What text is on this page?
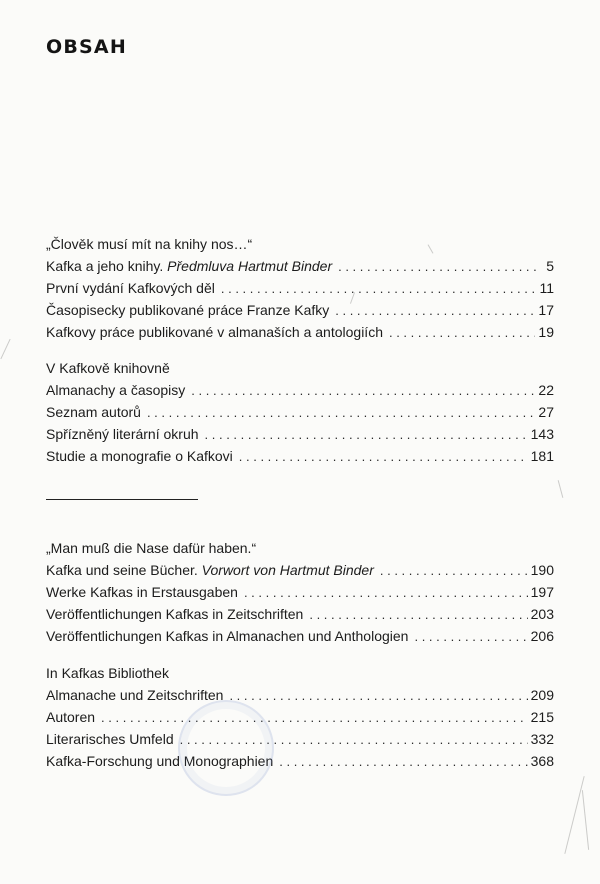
OBSAH
„Člověk musí mít na knihy nos…“
Kafka a jeho knihy. Předmluva Hartmut Binder . . .	5
První vydání Kafkových děl . . .	11
Časopisecky publikované práce Franze Kafky . . .	17
Kafkovy práce publikované v almanaších a antologiích . . .	19
V Kafkově knihovně
Almanachy a časopisy . . .	22
Seznam autorů . . .	27
Spřízněný literární okruh . . .	143
Studie a monografie o Kafkovi . . .	181
„Man muß die Nase dafür haben.“
Kafka und seine Bücher. Vorwort von Hartmut Binder . . .	190
Werke Kafkas in Erstausgaben . . .	197
Veröffentlichungen Kafkas in Zeitschriften . . .	203
Veröffentlichungen Kafkas in Almanachen und Anthologien . . .	206
In Kafkas Bibliothek
Almanache und Zeitschriften . . .	209
Autoren . . .	215
Literarisches Umfeld . . .	332
Kafka-Forschung und Monographien . . .	368
